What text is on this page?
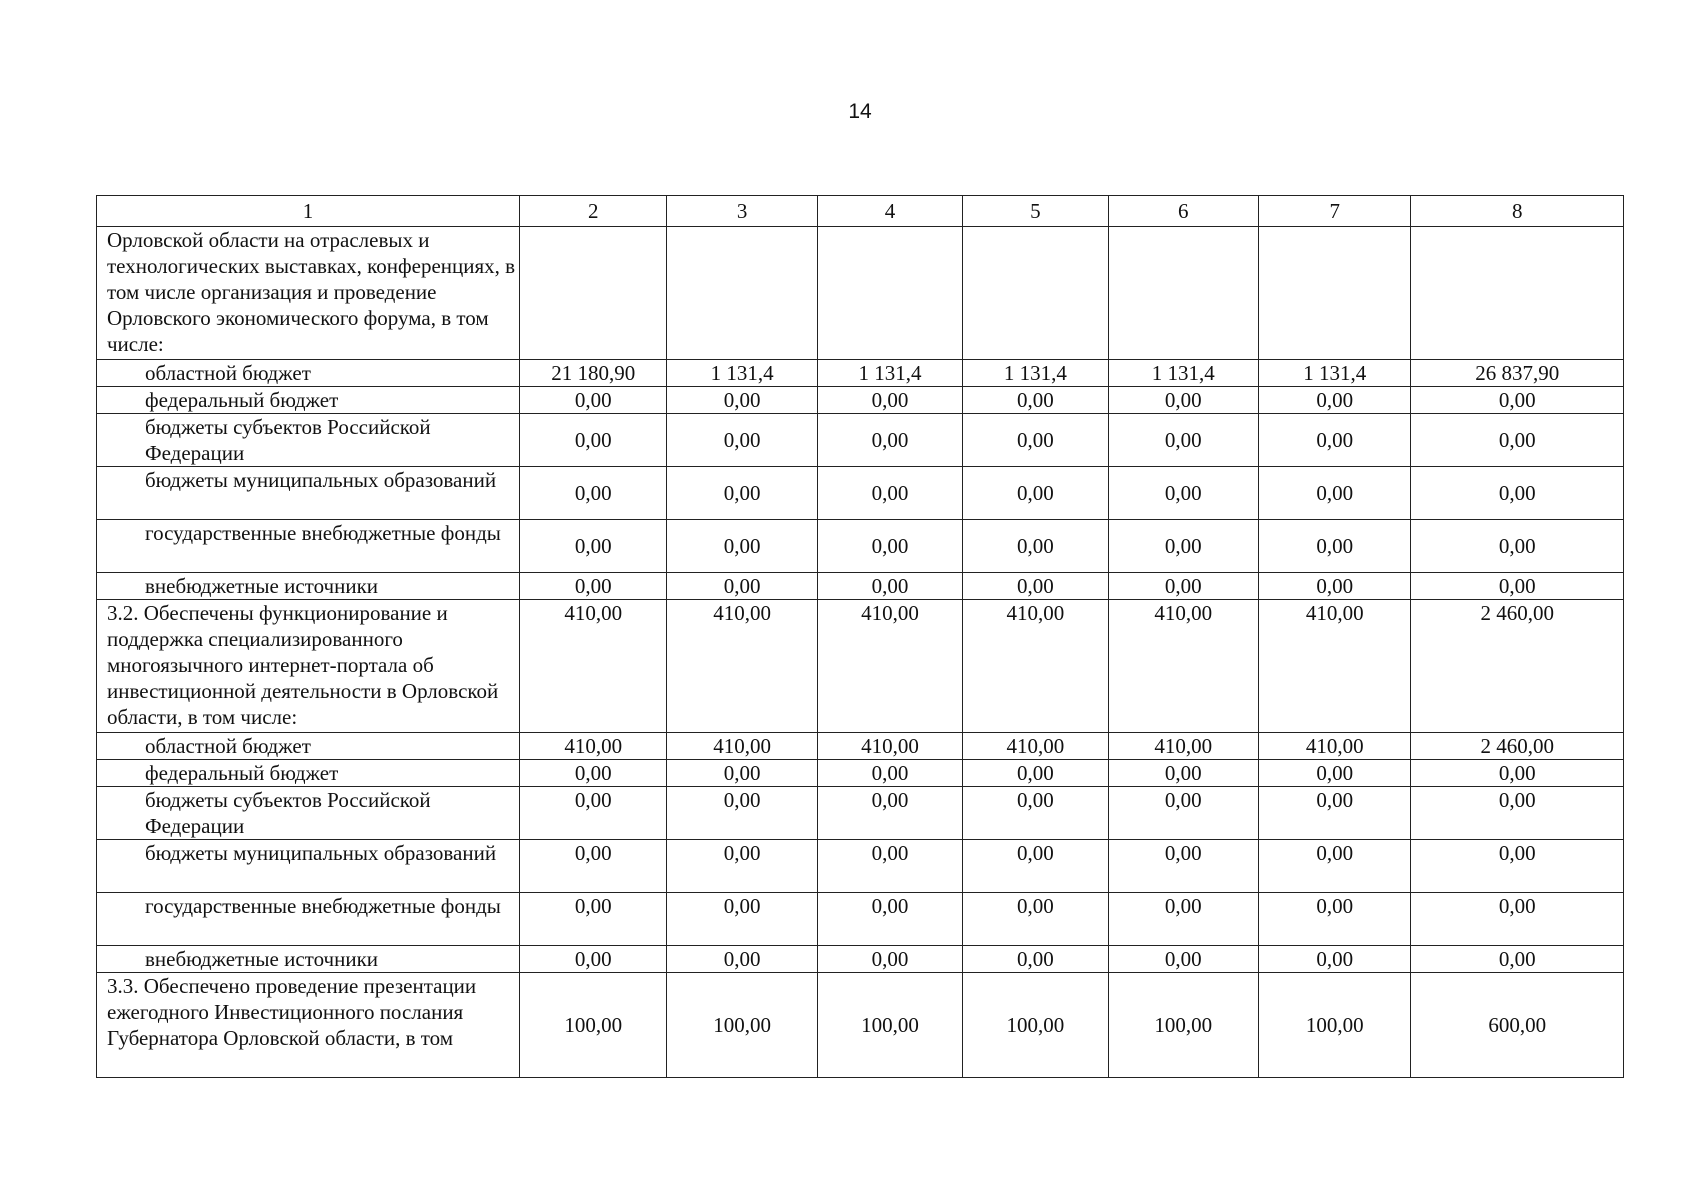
14
1	2	3	4	5	6	7	8
Орловской области на отраслевых и технологических выставках, конференциях, в том числе организация и проведение Орловского экономического форума, в том числе:							
областной бюджет	21 180,90	1 131,4	1 131,4	1 131,4	1 131,4	1 131,4	26 837,90
федеральный бюджет	0,00	0,00	0,00	0,00	0,00	0,00	0,00
бюджеты субъектов Российской Федерации	0,00	0,00	0,00	0,00	0,00	0,00	0,00
бюджеты муниципальных образований	0,00	0,00	0,00	0,00	0,00	0,00	0,00
государственные внебюджетные фонды	0,00	0,00	0,00	0,00	0,00	0,00	0,00
внебюджетные источники	0,00	0,00	0,00	0,00	0,00	0,00	0,00
3.2. Обеспечены функционирование и поддержка специализированного многоязычного интернет-портала об инвестиционной деятельности в Орловской области, в том числе:	410,00	410,00	410,00	410,00	410,00	410,00	2 460,00
областной бюджет	410,00	410,00	410,00	410,00	410,00	410,00	2 460,00
федеральный бюджет	0,00	0,00	0,00	0,00	0,00	0,00	0,00
бюджеты субъектов Российской Федерации	0,00	0,00	0,00	0,00	0,00	0,00	0,00
бюджеты муниципальных образований	0,00	0,00	0,00	0,00	0,00	0,00	0,00
государственные внебюджетные фонды	0,00	0,00	0,00	0,00	0,00	0,00	0,00
внебюджетные источники	0,00	0,00	0,00	0,00	0,00	0,00	0,00
3.3. Обеспечено проведение презентации ежегодного Инвестиционного послания Губернатора Орловской области, в том	100,00	100,00	100,00	100,00	100,00	100,00	600,00
